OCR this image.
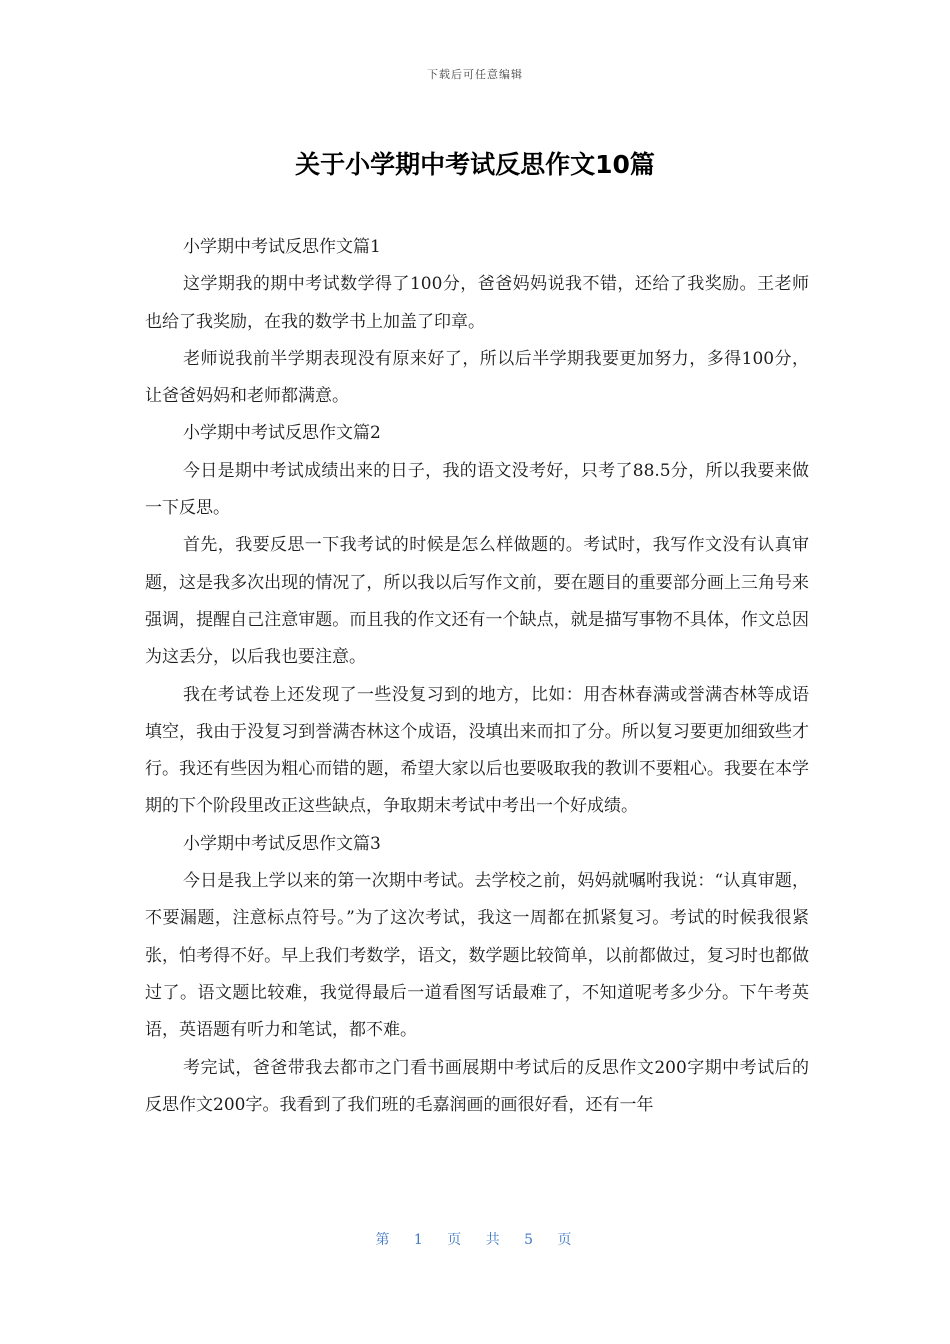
下载后可任意编辑
关于小学期中考试反思作文10篇

小学期中考试反思作文篇1

这学期我的期中考试数学得了100分，爸爸妈妈说我不错，还给了我奖励。王老师也给了我奖励，在我的数学书上加盖了印章。

老师说我前半学期表现没有原来好了，所以后半学期我要更加努力，多得100分，让爸爸妈妈和老师都满意。

小学期中考试反思作文篇2

今日是期中考试成绩出来的日子，我的语文没考好，只考了88.5分，所以我要来做一下反思。

首先，我要反思一下我考试的时候是怎么样做题的。考试时，我写作文没有认真审题，这是我多次出现的情况了，所以我以后写作文前，要在题目的重要部分画上三角号来强调，提醒自己注意审题。而且我的作文还有一个缺点，就是描写事物不具体，作文总因为这丢分，以后我也要注意。

我在考试卷上还发现了一些没复习到的地方，比如：用杏林春满或誉满杏林等成语填空，我由于没复习到誉满杏林这个成语，没填出来而扣了分。所以复习要更加细致些才行。我还有些因为粗心而错的题，希望大家以后也要吸取我的教训不要粗心。我要在本学期的下个阶段里改正这些缺点，争取期末考试中考出一个好成绩。

小学期中考试反思作文篇3

今日是我上学以来的第一次期中考试。去学校之前，妈妈就嘱咐我说：“认真审题，不要漏题，注意标点符号。”为了这次考试，我这一周都在抓紧复习。考试的时候我很紧张，怕考得不好。早上我们考数学，语文，数学题比较简单，以前都做过，复习时也都做过了。语文题比较难，我觉得最后一道看图写话最难了，不知道呢考多少分。下午考英语，英语题有听力和笔试，都不难。

考完试，爸爸带我去都市之门看书画展期中考试后的反思作文200字期中考试后的反思作文200字。我看到了我们班的毛嘉润画的画很好看，还有一年

第 1 页 共 5 页
